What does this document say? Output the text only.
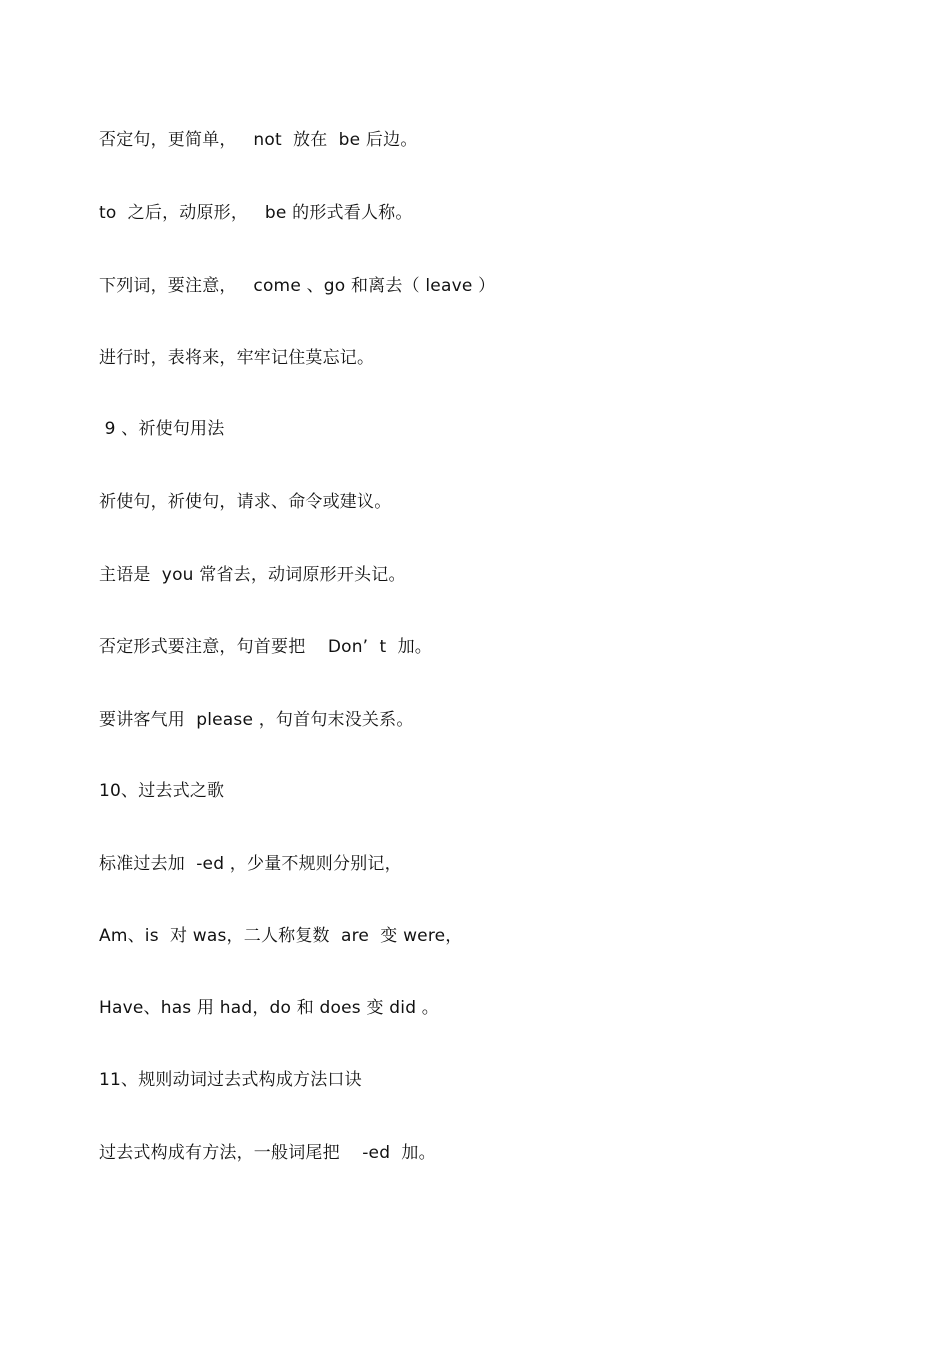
否定句，更简单，   not  放在  be 后边。
to  之后，动原形，   be 的形式看人称。
下列词，要注意，   come 、go 和离去（ leave ）
进行时，表将来，牢牢记住莫忘记。
9 、祈使句用法
祈使句，祈使句，请求、命令或建议。
主语是  you 常省去，动词原形开头记。
否定形式要注意，句首要把    Don’  t  加。
要讲客气用  please ，句首句末没关系。
10、过去式之歌
标准过去加  -ed ，少量不规则分别记，
Am、is  对 was，二人称复数  are  变 were，
Have、has 用 had，do 和 does 变 did 。
11、规则动词过去式构成方法口诀
过去式构成有方法，一般词尾把    -ed  加。
